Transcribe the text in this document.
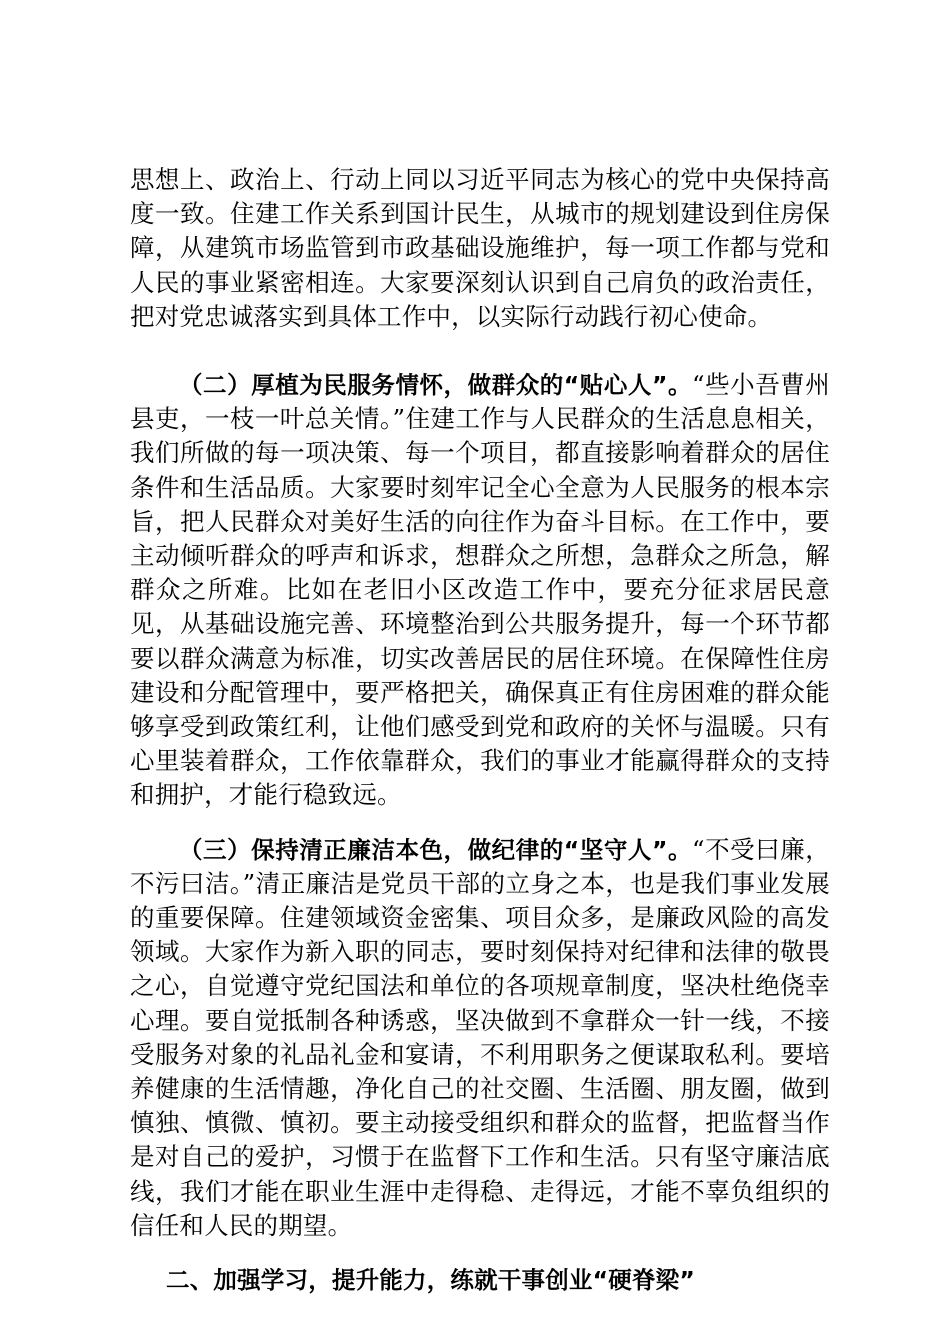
思想上、政治上、行动上同以习近平同志为核心的党中央保持高度一致。住建工作关系到国计民生，从城市的规划建设到住房保障，从建筑市场监管到市政基础设施维护，每一项工作都与党和人民的事业紧密相连。大家要深刻认识到自己肩负的政治责任，把对党忠诚落实到具体工作中，以实际行动践行初心使命。

（二）厚植为民服务情怀，做群众的“贴心人”。“些小吾曹州县吏，一枝一叶总关情。”住建工作与人民群众的生活息息相关，我们所做的每一项决策、每一个项目，都直接影响着群众的居住条件和生活品质。大家要时刻牢记全心全意为人民服务的根本宗旨，把人民群众对美好生活的向往作为奋斗目标。在工作中，要主动倾听群众的呼声和诉求，想群众之所想，急群众之所急，解群众之所难。比如在老旧小区改造工作中，要充分征求居民意见，从基础设施完善、环境整治到公共服务提升，每一个环节都要以群众满意为标准，切实改善居民的居住环境。在保障性住房建设和分配管理中，要严格把关，确保真正有住房困难的群众能够享受到政策红利，让他们感受到党和政府的关怀与温暖。只有心里装着群众，工作依靠群众，我们的事业才能赢得群众的支持和拥护，才能行稳致远。

（三）保持清正廉洁本色，做纪律的“坚守人”。“不受曰廉，不污曰洁。”清正廉洁是党员干部的立身之本，也是我们事业发展的重要保障。住建领域资金密集、项目众多，是廉政风险的高发领域。大家作为新入职的同志，要时刻保持对纪律和法律的敬畏之心，自觉遵守党纪国法和单位的各项规章制度，坚决杜绝侥幸心理。要自觉抵制各种诱惑，坚决做到不拿群众一针一线，不接受服务对象的礼品礼金和宴请，不利用职务之便谋取私利。要培养健康的生活情趣，净化自己的社交圈、生活圈、朋友圈，做到慎独、慎微、慎初。要主动接受组织和群众的监督，把监督当作是对自己的爱护，习惯于在监督下工作和生活。只有坚守廉洁底线，我们才能在职业生涯中走得稳、走得远，才能不辜负组织的信任和人民的期望。

二、加强学习，提升能力，练就干事创业“硬脊梁”
